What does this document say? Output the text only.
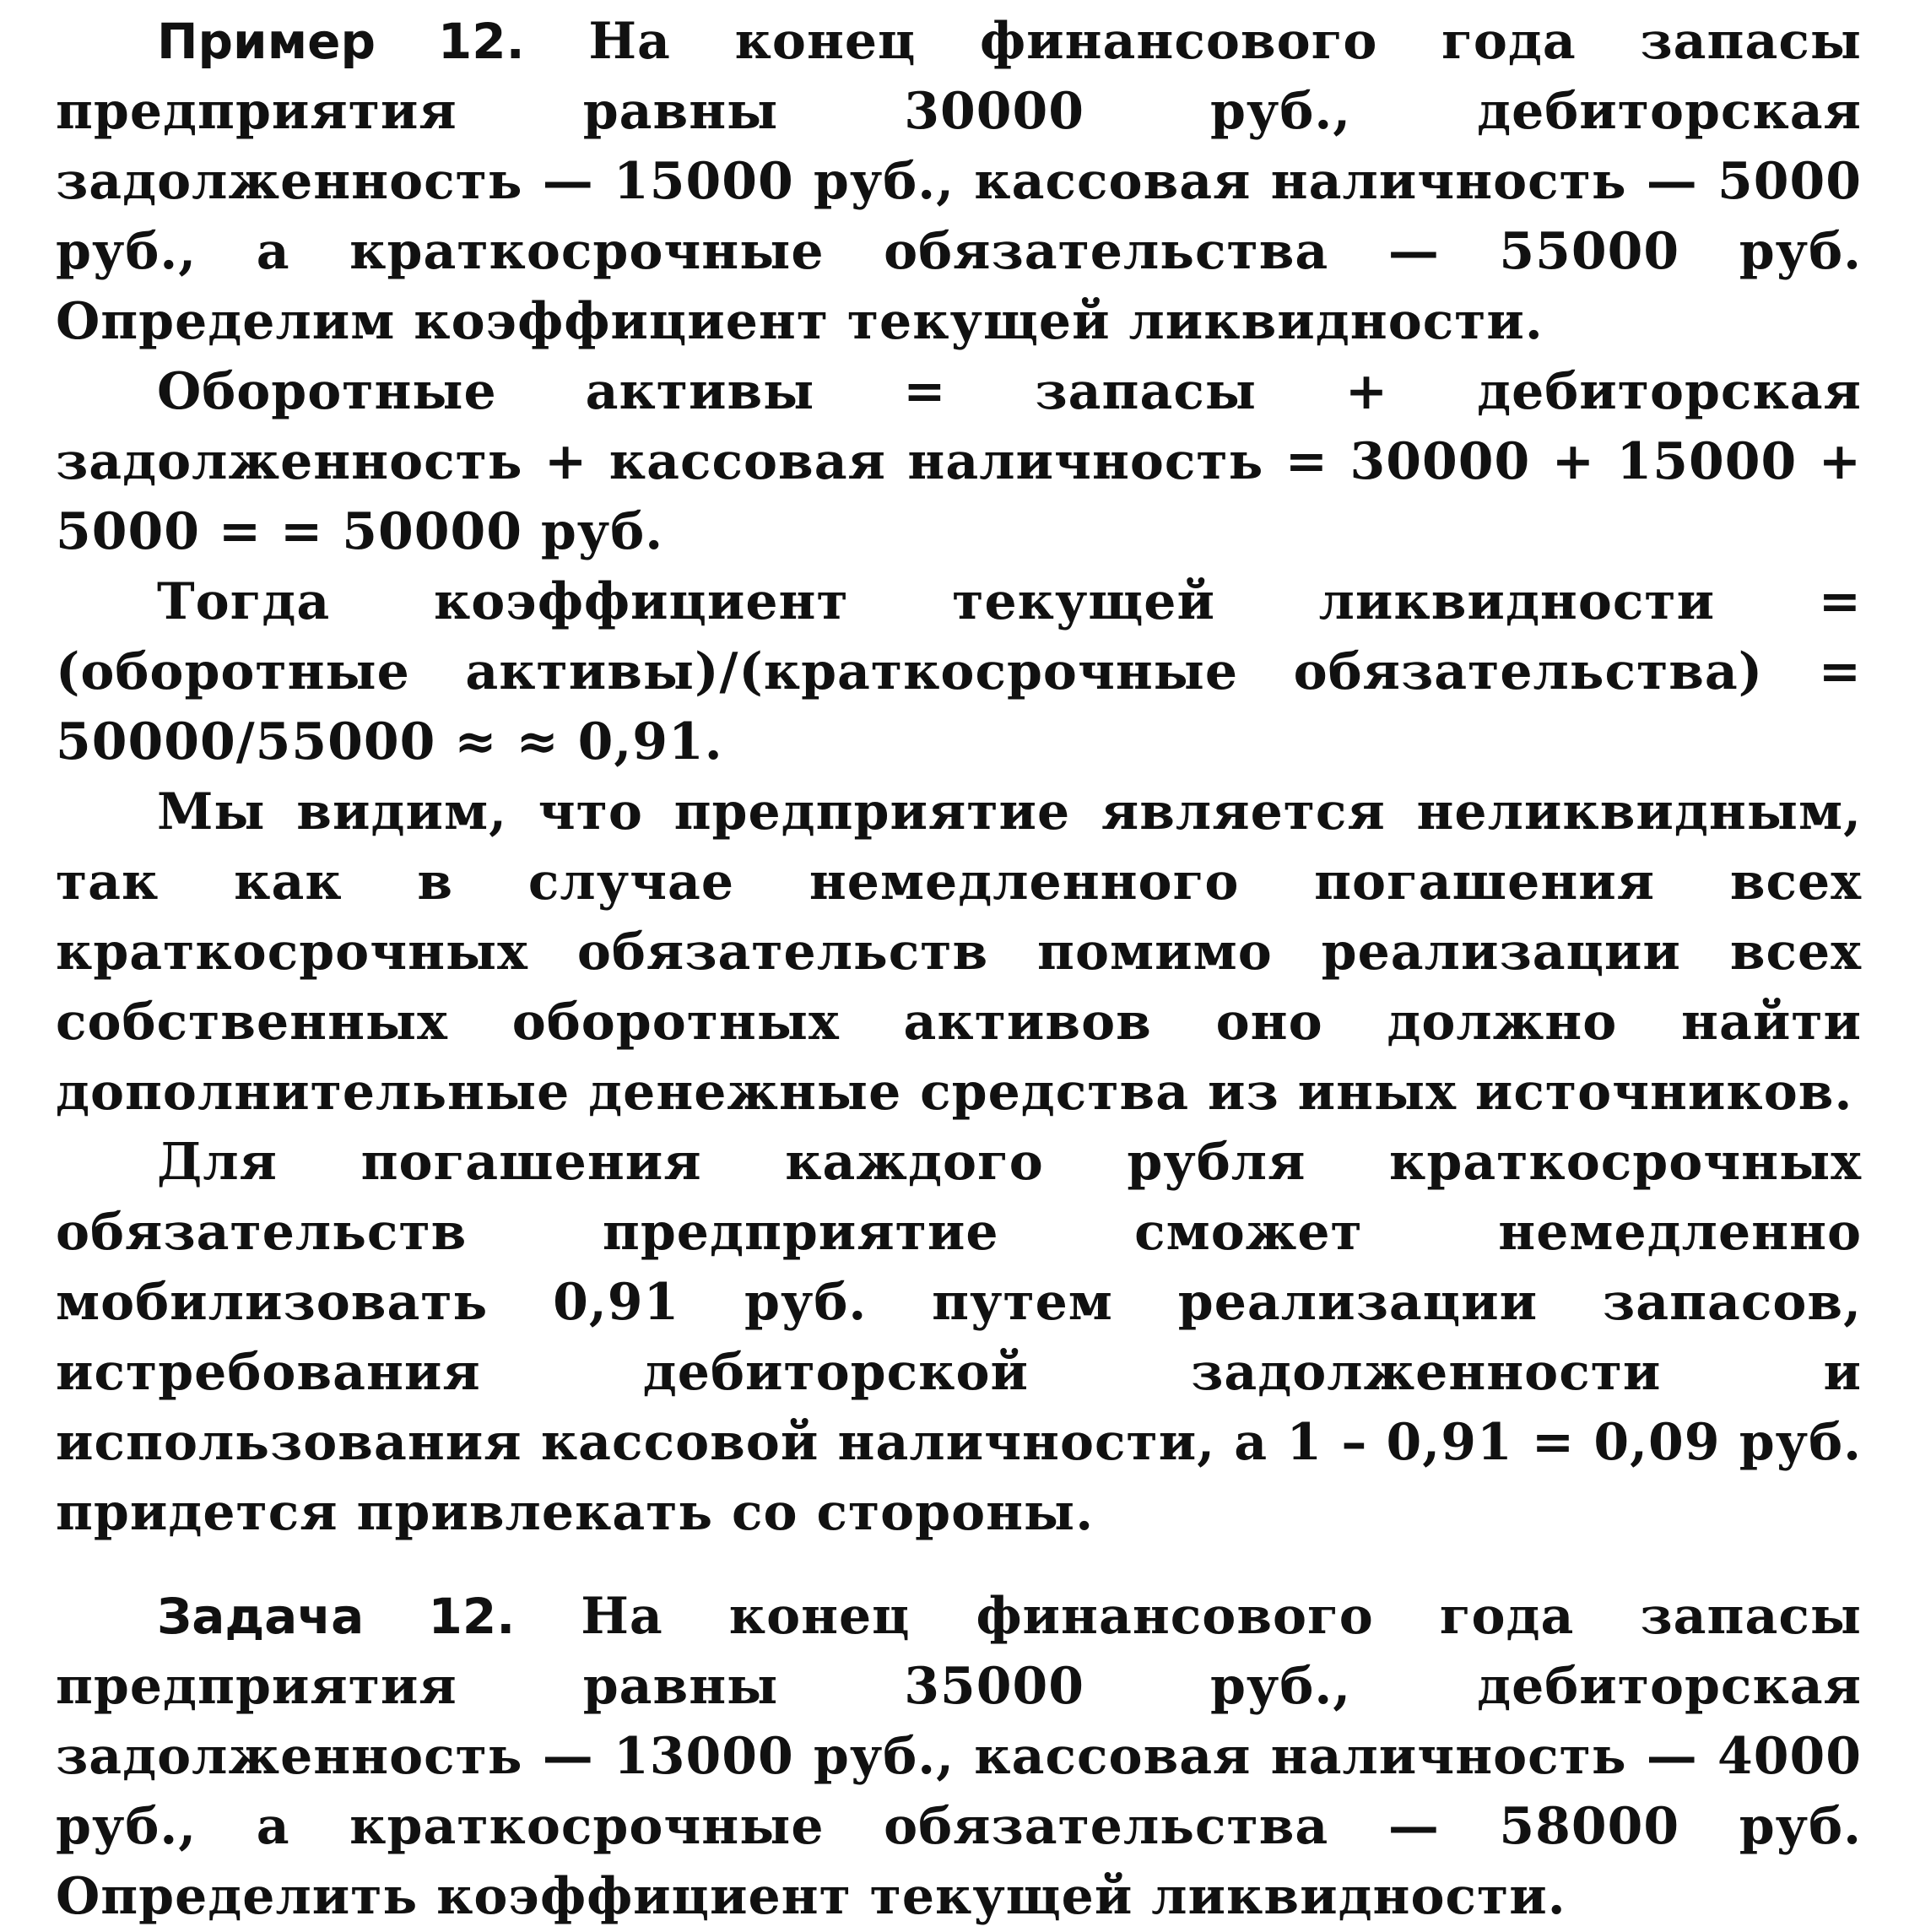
Пример 12. На конец финансового года запасы предприятия равны 30000 руб., дебиторская задолженность — 15000 руб., кассовая наличность — 5000 руб., а краткосрочные обязательства — 55000 руб. Определим коэффициент текущей ликвидности.

Оборотные активы = запасы + дебиторская задолженность + кассовая наличность = 30000 + 15000 + 5000 = = 50000 руб.

Тогда коэффициент текущей ликвидности = (оборотные активы)/(краткосрочные обязательства) = 50000/55000 ≈ ≈ 0,91.

Мы видим, что предприятие является неликвидным, так как в случае немедленного погашения всех краткосрочных обязательств помимо реализации всех собственных оборотных активов оно должно найти дополнительные денежные средства из иных источников.

Для погашения каждого рубля краткосрочных обязательств предприятие сможет немедленно мобилизовать 0,91 руб. путем реализации запасов, истребования дебиторской задолженности и использования кассовой наличности, а 1 – 0,91 = 0,09 руб. придется привлекать со стороны.

Задача 12. На конец финансового года запасы предприятия равны 35000 руб., дебиторская задолженность — 13000 руб., кассовая наличность — 4000 руб., а краткосрочные обязательства — 58000 руб. Определить коэффициент текущей ликвидности.
